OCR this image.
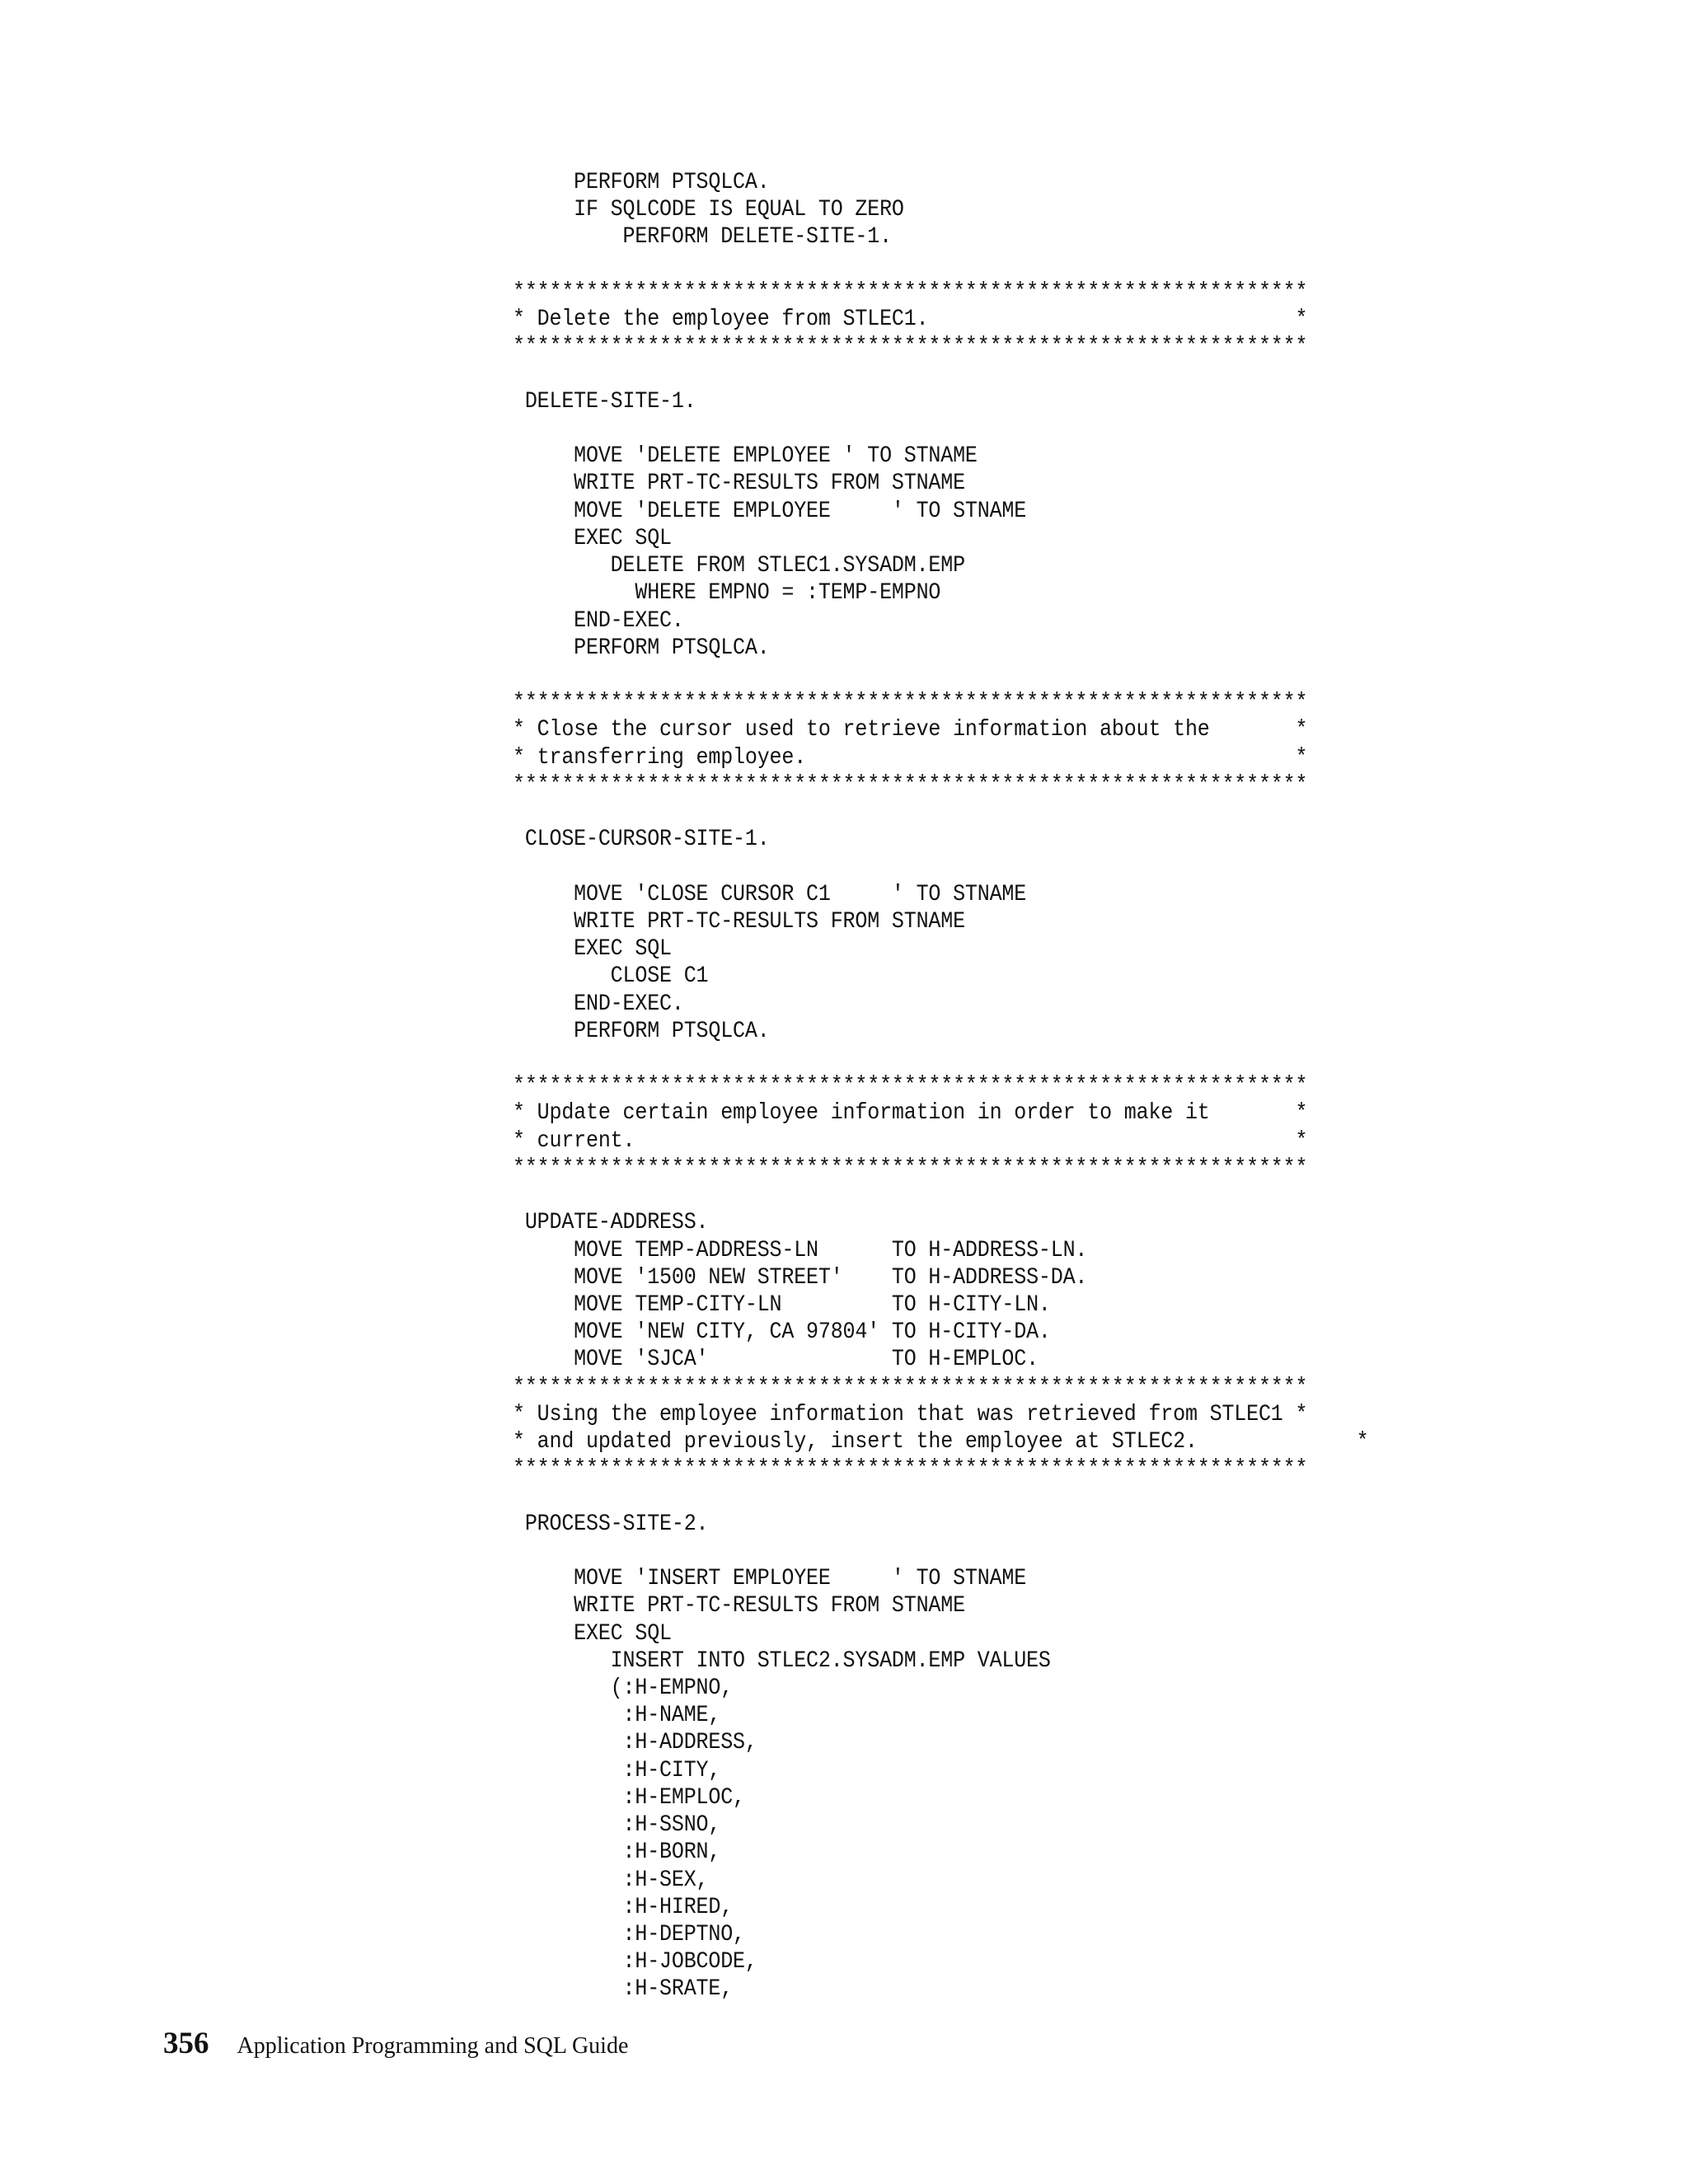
PERFORM PTSQLCA.
IF SQLCODE IS EQUAL TO ZERO
PERFORM DELETE-SITE-1.
*****************************************************************
* Delete the employee from STLEC1.                              *
*****************************************************************
DELETE-SITE-1.
MOVE 'DELETE EMPLOYEE ' TO STNAME
WRITE PRT-TC-RESULTS FROM STNAME
MOVE 'DELETE EMPLOYEE     ' TO STNAME
EXEC SQL
DELETE FROM STLEC1.SYSADM.EMP
WHERE EMPNO = :TEMP-EMPNO
END-EXEC.
PERFORM PTSQLCA.
*****************************************************************
* Close the cursor used to retrieve information about the       *
* transferring employee.                                        *
*****************************************************************
CLOSE-CURSOR-SITE-1.
MOVE 'CLOSE CURSOR C1     ' TO STNAME
WRITE PRT-TC-RESULTS FROM STNAME
EXEC SQL
CLOSE C1
END-EXEC.
PERFORM PTSQLCA.
*****************************************************************
* Update certain employee information in order to make it       *
* current.                                                      *
*****************************************************************
UPDATE-ADDRESS.
MOVE TEMP-ADDRESS-LN      TO H-ADDRESS-LN.
MOVE '1500 NEW STREET'    TO H-ADDRESS-DA.
MOVE TEMP-CITY-LN         TO H-CITY-LN.
MOVE 'NEW CITY, CA 97804' TO H-CITY-DA.
MOVE 'SJCA'               TO H-EMPLOC.
*****************************************************************
* Using the employee information that was retrieved from STLEC1 *
* and updated previously, insert the employee at STLEC2.             *
*****************************************************************
PROCESS-SITE-2.
MOVE 'INSERT EMPLOYEE     ' TO STNAME
WRITE PRT-TC-RESULTS FROM STNAME
EXEC SQL
INSERT INTO STLEC2.SYSADM.EMP VALUES
(:H-EMPNO,
:H-NAME,
:H-ADDRESS,
:H-CITY,
:H-EMPLOC,
:H-SSNO,
:H-BORN,
:H-SEX,
:H-HIRED,
:H-DEPTNO,
:H-JOBCODE,
:H-SRATE,
356 Application Programming and SQL Guide
